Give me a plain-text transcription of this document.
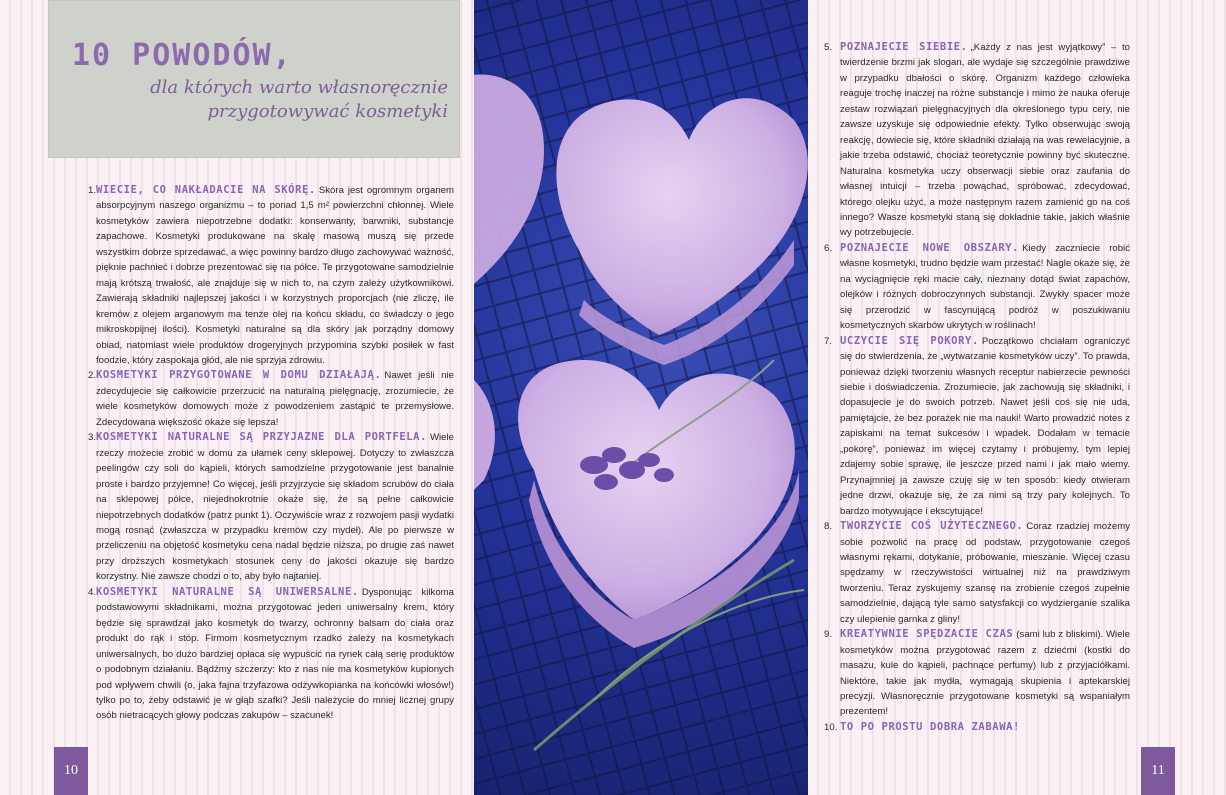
10 POWODÓW,
dla których warto własnoręcznie
przygotowywać kosmetyki
1. WIECIE, CO NAKŁADACIE NA SKÓRĘ. Skóra jest ogromnym organem absorpcyjnym naszego organizmu – to ponad 1,5 m² powierzchni chłonnej. Wiele kosmetyków zawiera niepotrzebne dodatki: konserwanty, barwniki, substancje zapachowe. Kosmetyki produkowane na skalę masową muszą się przede wszystkim dobrze sprzedawać, a więc powinny bardzo długo zachowywać ważność, pięknie pachnieć i dobrze prezentować się na półce. Te przygotowane samodzielnie mają krótszą trwałość, ale znajduje się w nich to, na czym zależy użytkownikowi. Zawierają składniki najlepszej jakości i w korzystnych proporcjach (nie zliczę, ile kremów z olejem arganowym ma tenże olej na końcu składu, co świadczy o jego mikroskopijnej ilości). Kosmetyki naturalne są dla skóry jak porządny domowy obiad, natomiast wiele produktów drogeryjnych przypomina szybki posiłek w fast foodzie, który zaspokaja głód, ale nie sprzyja zdrowiu.
2. KOSMETYKI PRZYGOTOWANE W DOMU DZIAŁAJĄ. Nawet jeśli nie zdecydujecie się całkowicie przerzucić na naturalną pielęgnację, zrozumiecie, że wiele kosmetyków domowych może z powodzeniem zastąpić te przemysłowe. Zdecydowana większość okaże się lepsza!
3. KOSMETYKI NATURALNE SĄ PRZYJAZNE DLA PORTFELA. Wiele rzeczy możecie zrobić w domu za ułamek ceny sklepowej. Dotyczy to zwłaszcza peelingów czy soli do kąpieli, których samodzielne przygotowanie jest banalnie proste i bardzo przyjemne! Co więcej, jeśli przyjrzycie się składom scrubów do ciała na sklepowej półce, niejednokrotnie okaże się, że są pełne całkowicie niepotrzebnych dodatków (patrz punkt 1). Oczywiście wraz z rozwojem pasji wydatki mogą rosnąć (zwłaszcza w przypadku kremów czy mydeł). Ale po pierwsze w przeliczeniu na objętość kosmetyku cena nadal będzie niższa, po drugie zaś nawet przy droższych kosmetykach stosunek ceny do jakości okazuje się bardzo korzystny. Nie zawsze chodzi o to, aby było najtaniej.
4. KOSMETYKI NATURALNE SĄ UNIWERSALNE. Dysponując kilkoma podstawowymi składnikami, można przygotować jeden uniwersalny krem, który będzie się sprawdzał jako kosmetyk do twarzy, ochronny balsam do ciała oraz produkt do rąk i stóp. Firmom kosmetycznym rzadko zależy na kosmetykach uniwersalnych, bo dużo bardziej opłaca się wypuścić na rynek całą serię produktów o podobnym działaniu. Bądźmy szczerzy: kto z nas nie ma kosmetyków kupionych pod wpływem chwili (o, jaka fajna trzyfazowa odżywkopianka na końcówki włosów!) tylko po to, żeby odstawić je w głąb szafki? Jeśli należycie do mniej licznej grupy osób nietracących głowy podczas zakupów – szacunek!
10	11
5. POZNAJECIE SIEBIE. „Każdy z nas jest wyjątkowy” – to twierdzenie brzmi jak slogan, ale wydaje się szczególnie prawdziwe w przypadku dbałości o skórę. Organizm każdego człowieka reaguje trochę inaczej na różne substancje i mimo że nauka oferuje zestaw rozwiązań pielęgnacyjnych dla określonego typu cery, nie zawsze uzyskuje się odpowiednie efekty. Tylko obserwując swoją reakcję, dowiecie się, które składniki działają na was rewelacyjnie, a jakie trzeba odstawić, chociaż teoretycznie powinny być skuteczne. Naturalna kosmetyka uczy obserwacji siebie oraz zaufania do własnej intuicji – trzeba powąchać, spróbować, zdecydować, którego olejku użyć, a może następnym razem zamienić go na coś innego? Wasze kosmetyki staną się dokładnie takie, jakich właśnie wy potrzebujecie.
6. POZNAJECIE NOWE OBSZARY. Kiedy zaczniecie robić własne kosmetyki, trudno będzie wam przestać! Nagle okaże się, że na wyciągnięcie ręki macie cały, nieznany dotąd świat zapachów, olejków i różnych dobroczynnych substancji. Zwykły spacer może się przerodzić w fascynującą podróż w poszukiwaniu kosmetycznych skarbów ukrytych w roślinach!
7. UCZYCIE SIĘ POKORY. Początkowo chciałam ograniczyć się do stwierdzenia, że „wytwarzanie kosmetyków uczy”. To prawda, ponieważ dzięki tworzeniu własnych receptur nabierzecie pewności siebie i doświadczenia. Zrozumiecie, jak zachowują się składniki, i dopasujecie je do swoich potrzeb. Nawet jeśli coś się nie uda, pamiętajcie, że bez porażek nie ma nauki! Warto prowadzić notes z zapiskami na temat sukcesów i wpadek. Dodałam w temacie „pokorę”, ponieważ im więcej czytamy i próbujemy, tym lepiej zdajemy sobie sprawę, ile jeszcze przed nami i jak mało wiemy. Przynajmniej ja zawsze czuję się w ten sposób: kiedy otwieram jedne drzwi, okazuje się, że za nimi są trzy pary kolejnych. To bardzo motywujące i ekscytujące!
8. TWORZYCIE COŚ UŻYTECZNEGO. Coraz rzadziej możemy sobie pozwolić na pracę od podstaw, przygotowanie czegoś własnymi rękami, dotykanie, próbowanie, mieszanie. Więcej czasu spędzamy w rzeczywistości wirtualnej niż na prawdziwym tworzeniu. Teraz zyskujemy szansę na zrobienie czegoś zupełnie samodzielnie, dającą tyle samo satysfakcji co wydzierganie szalika czy ulepienie garnka z gliny!
9. KREATYWNIE SPĘDZACIE CZAS (sami lub z bliskimi). Wiele kosmetyków można przygotować razem z dziećmi (kostki do masażu, kule do kąpieli, pachnące perfumy) lub z przyjaciółkami. Niektóre, takie jak mydła, wymagają skupienia i aptekarskiej precyzji. Własnoręcznie przygotowane kosmetyki są wspaniałym prezentem!
10. TO PO PROSTU DOBRA ZABAWA!
